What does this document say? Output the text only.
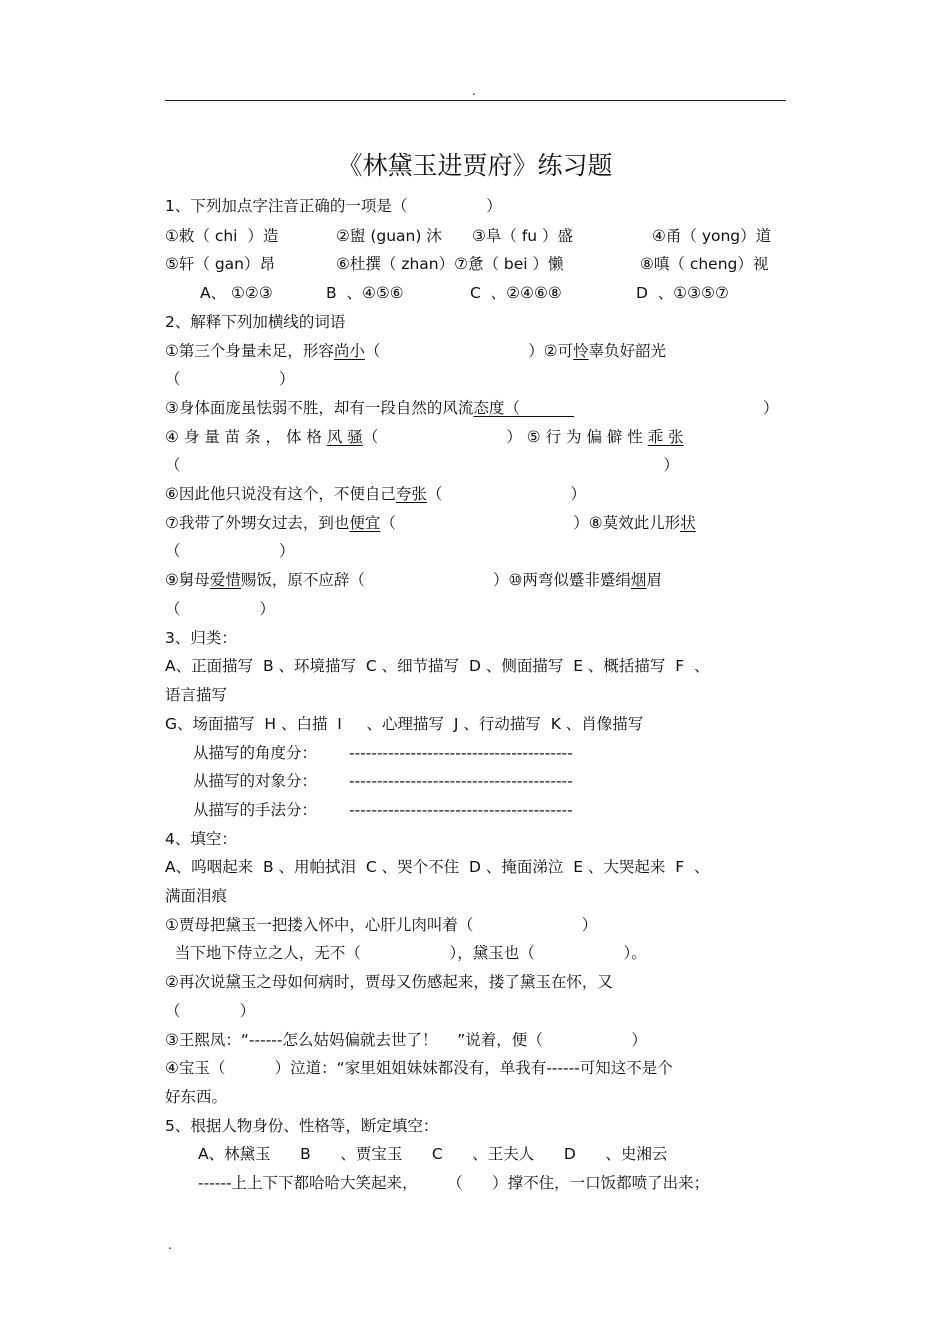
.
《林黛玉进贾府》练习题
1、下列加点字注音正确的一项是（                ）
①敕（ chi  ）造	②盥 (guan) 沐 ③阜（ fu ）盛	④甬（ yong）道
⑤轩（ gan）昂	⑥杜撰（ zhan）⑦惫（ bei ）懒	⑧嗔（ cheng）视
A、 ①②③	B  、④⑤⑥	C  、②④⑥⑧	D  、①③⑤⑦
2、解释下列加横线的词语
①第三个身量未足，形容尚小（                              ）②可怜辜负好韶光
（                    ）
③身体面庞虽怯弱不胜，却有一段自然的风流态度（	）
④ 身 量 苗 条 ， 体 格 风 骚（                          ） ⑤ 行 为 偏 僻 性 乖 张
（                                                                                                  ）
⑥因此他只说没有这个，不便自己夸张（                          ）
⑦我带了外甥女过去，到也便宜（                                    ）⑧莫效此儿形状
（                    ）
⑨舅母爱惜赐饭，原不应辞（                          ）⑩两弯似蹙非蹙绢烟眉
（                ）
3、归类：
A、正面描写  B 、环境描写  C 、细节描写  D 、侧面描写  E 、概括描写  F  、
语言描写
G、场面描写  H 、白描  I     、心理描写  J 、行动描写  K 、肖像描写
从描写的角度分： ----------------------------------------
从描写的对象分： ----------------------------------------
从描写的手法分： ----------------------------------------
4、填空：
A、呜咽起来  B 、用帕拭泪  C 、哭个不住  D 、掩面涕泣  E 、大哭起来  F  、
满面泪痕
①贾母把黛玉一把搂入怀中，心肝儿肉叫着（                      ）
当下地下侍立之人，无不（                  ），黛玉也（                  ）。
②再次说黛玉之母如何病时，贾母又伤感起来，搂了黛玉在怀，又
（            ）
③王熙凤：“------怎么姑妈偏就去世了！    ”说着，便（                  ）
④宝玉（          ）泣道：“家里姐姐妹妹都没有，单我有------可知这不是个
好东西。
5、根据人物身份、性格等，断定填空：
A、林黛玉      B      、贾宝玉      C      、王夫人      D      、史湘云
------上上下下都哈哈大笑起来，      （      ）撑不住，一口饭都喷了出来；
.
